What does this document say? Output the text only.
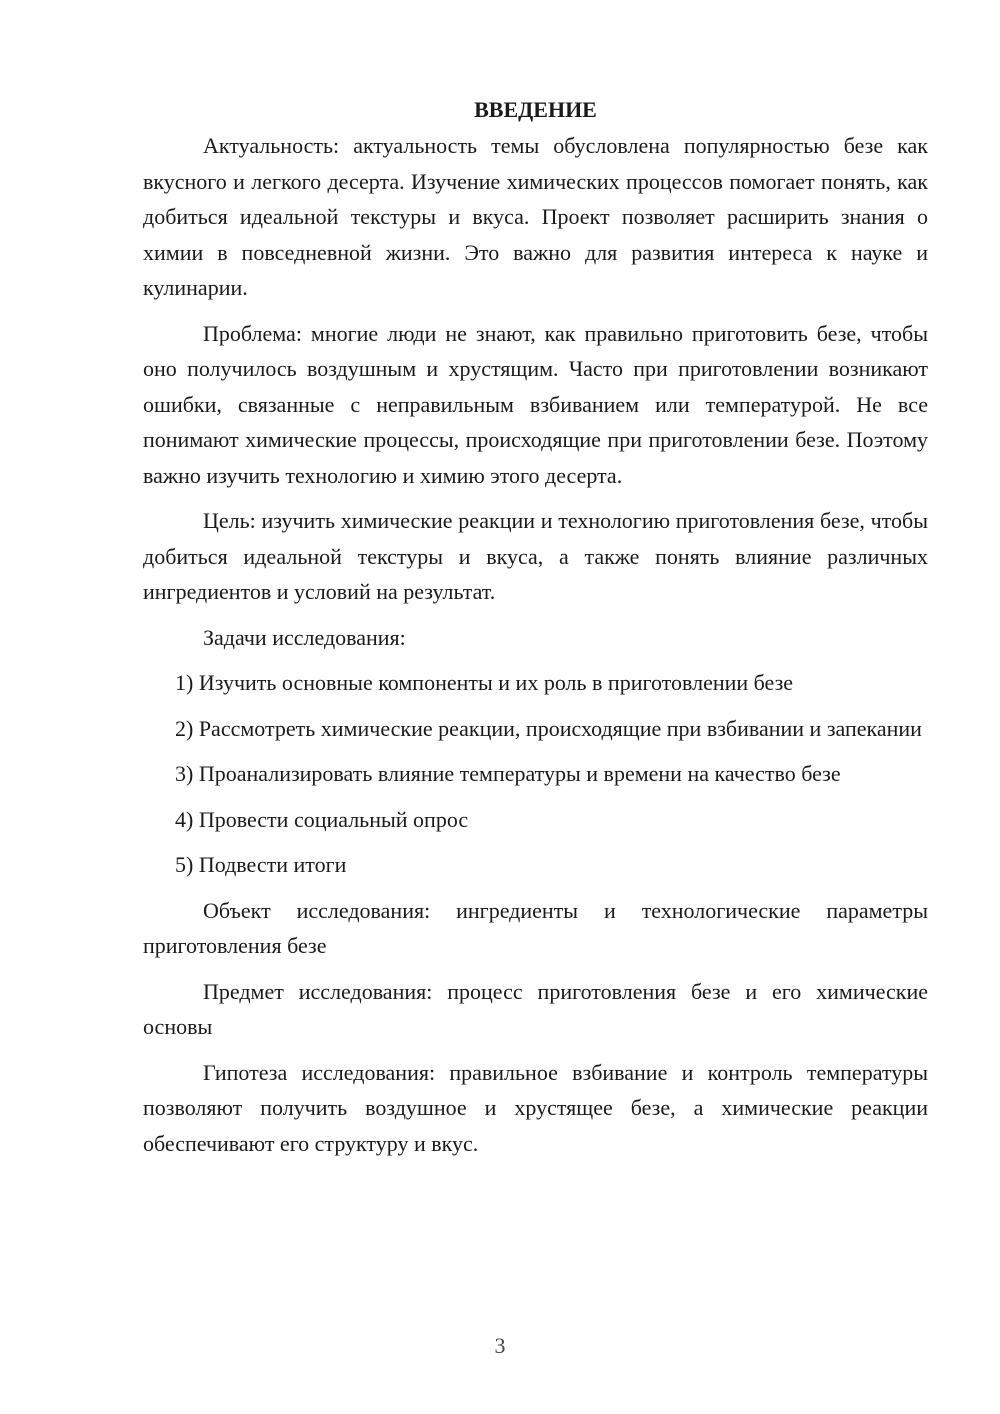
ВВЕДЕНИЕ

Актуальность: актуальность темы обусловлена популярностью безе как вкусного и легкого десерта. Изучение химических процессов помогает понять, как добиться идеальной текстуры и вкуса. Проект позволяет расширить знания о химии в повседневной жизни. Это важно для развития интереса к науке и кулинарии.

Проблема: многие люди не знают, как правильно приготовить безе, чтобы оно получилось воздушным и хрустящим. Часто при приготовлении возникают ошибки, связанные с неправильным взбиванием или температурой. Не все понимают химические процессы, происходящие при приготовлении безе. Поэтому важно изучить технологию и химию этого десерта.

Цель: изучить химические реакции и технологию приготовления безе, чтобы добиться идеальной текстуры и вкуса, а также понять влияние различных ингредиентов и условий на результат.

Задачи исследования:

1) Изучить основные компоненты и их роль в приготовлении безе

2) Рассмотреть химические реакции, происходящие при взбивании и запекании

3) Проанализировать влияние температуры и времени на качество безе

4) Провести социальный опрос

5) Подвести итоги

Объект исследования: ингредиенты и технологические параметры приготовления безе

Предмет исследования: процесс приготовления безе и его химические основы

Гипотеза исследования: правильное взбивание и контроль температуры позволяют получить воздушное и хрустящее безе, а химические реакции обеспечивают его структуру и вкус.

3
